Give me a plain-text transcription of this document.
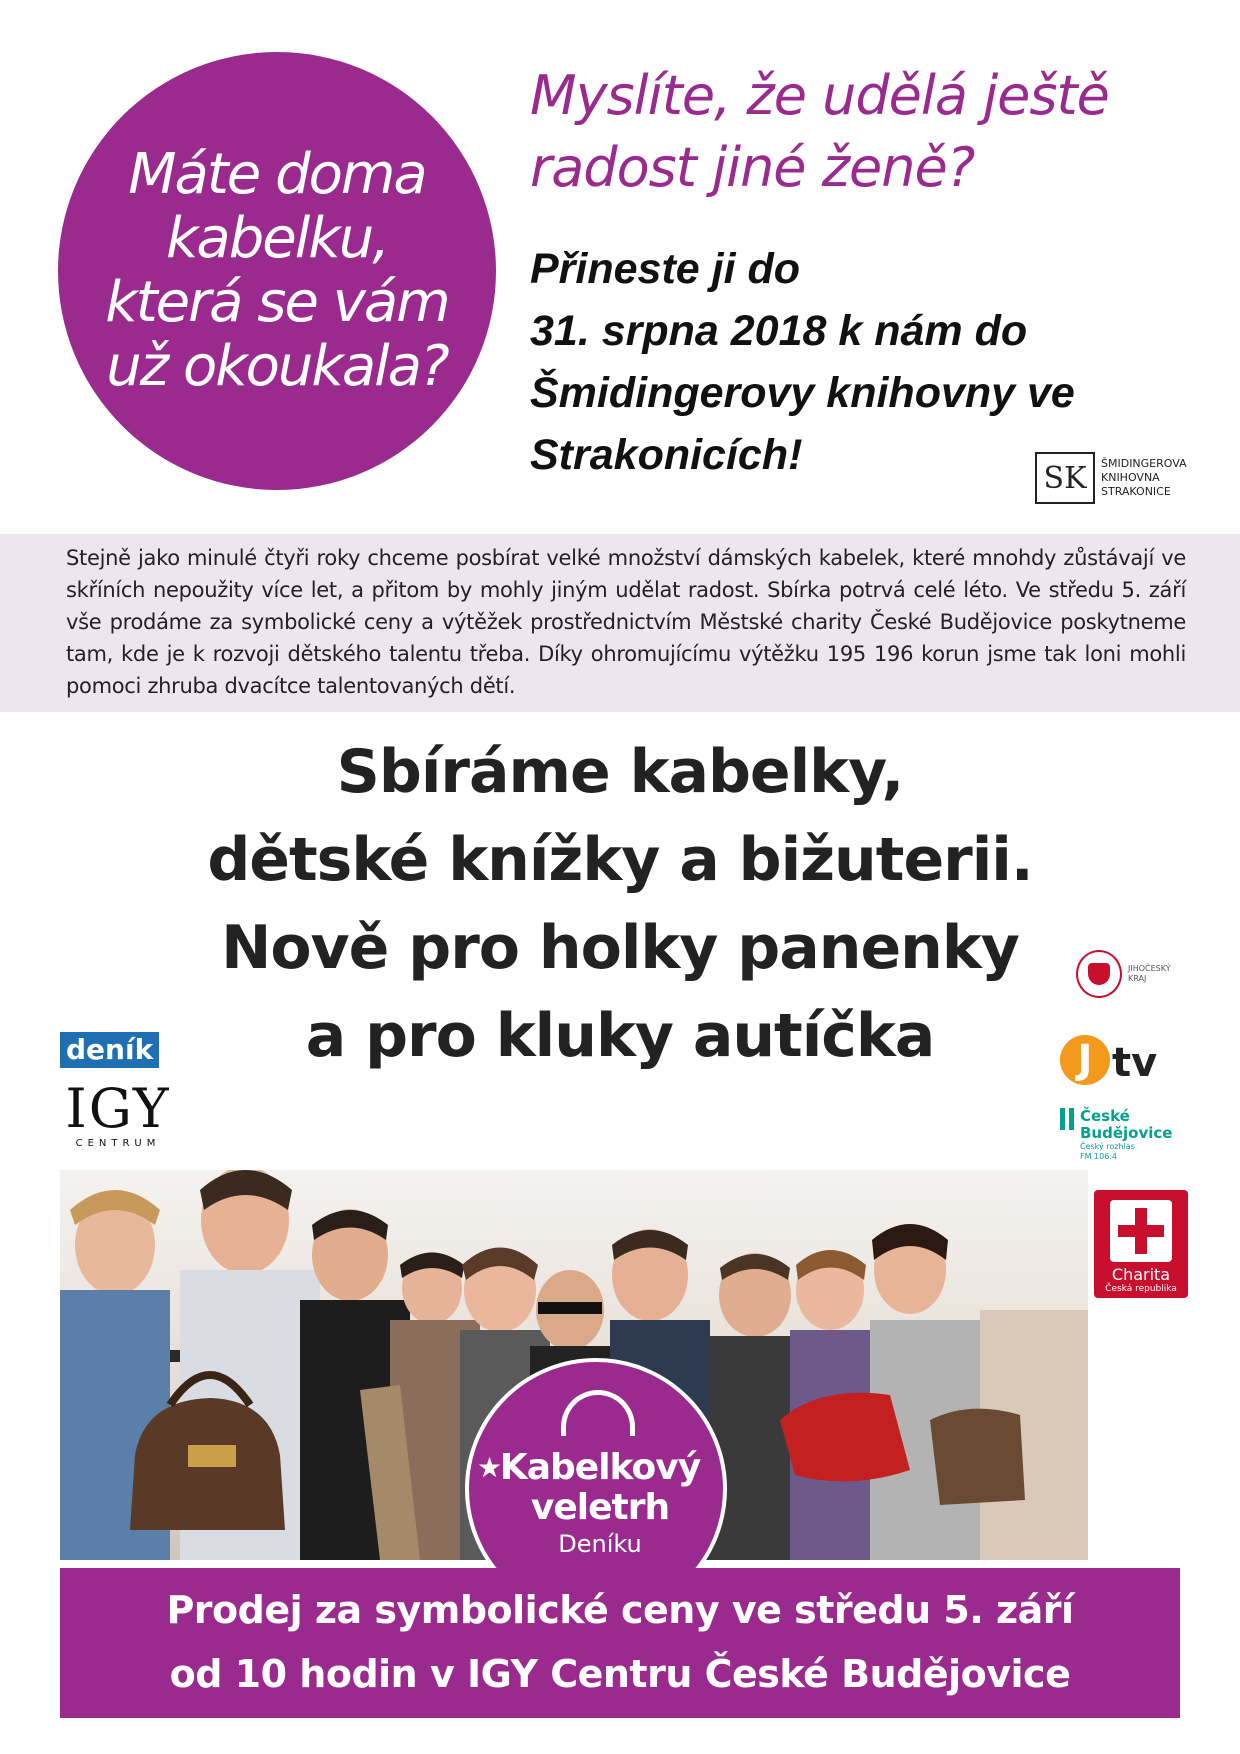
Máte doma
kabelku,
která se vám
už okoukala?
Myslíte, že udělá ještě
radost jiné ženě?
Přineste ji do
31. srpna 2018 k nám do
Šmidingerovy knihovny ve
Strakonicích!	SK	ŠMIDINGEROVA
KNIHOVNA
STRAKONICE
Stejně jako minulé čtyři roky chceme posbírat velké množství dámských kabelek, které mnohdy zůstávají ve skříních nepoužity více let, a přitom by mohly jiným udělat radost. Sbírka potrvá celé léto. Ve středu 5. září vše prodáme za symbolické ceny a výtěžek prostřednictvím Městské charity České Budějovice poskytneme tam, kde je k rozvoji dětského talentu třeba. Díky ohromujícímu výtěžku 195 196 korun jsme tak loni mohli pomoci zhruba dvacítce talentovaných dětí.
Sbíráme kabelky,
dětské knížky a bižuterii.
Nově pro holky panenky
a pro kluky autíčka
deník
IGY
CENTRUM
JIHOČESKÝ
KRAJ
J tv
České
Budějovice
Český rozhlas
FM 106.4
Charita
Česká republika
★
Kabelkový
veletrh
Deníku
Prodej za symbolické ceny ve středu 5. září
od 10 hodin v IGY Centru České Budějovice
